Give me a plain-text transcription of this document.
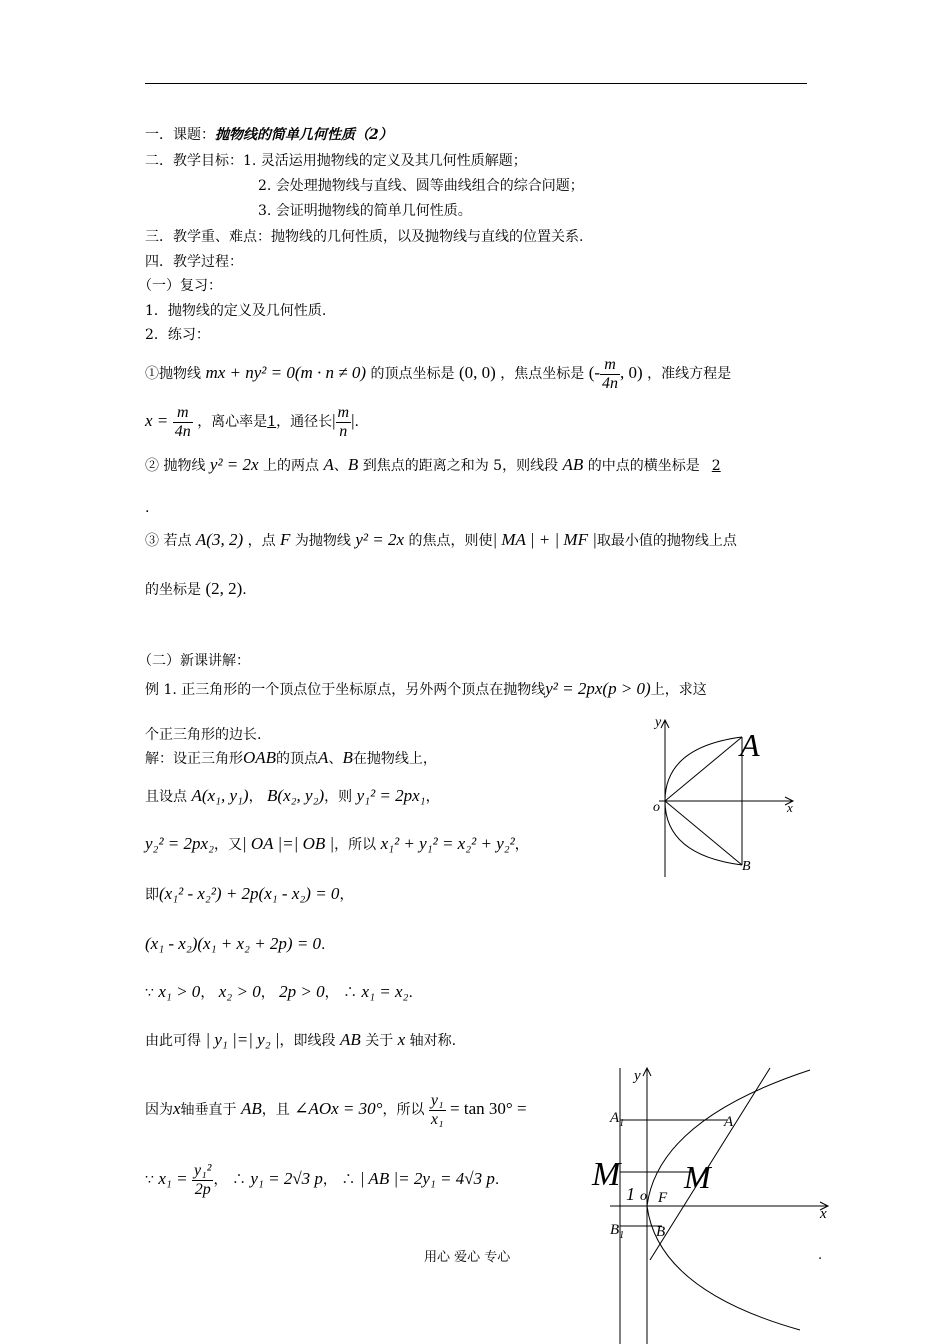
一．课题：抛物线的简单几何性质（2）
二．教学目标：1. 灵活运用抛物线的定义及其几何性质解题；
2. 会处理抛物线与直线、圆等曲线组合的综合问题；
3. 会证明抛物线的简单几何性质。
三．教学重、难点：抛物线的几何性质，以及抛物线与直线的位置关系.
四．教学过程：
（一）复习：
1．抛物线的定义及几何性质.
2．练习：
①抛物线 mx + ny² = 0(m · n ≠ 0) 的顶点坐标是 (0, 0) ，焦点坐标是 (- $\frac{m}{4n}$ , 0) ，准线方程是
$x = \frac{m}{4n}$ ，离心率是1，通径长| $\frac{m}{n}$ |.
② 抛物线 y² = 2x 上的两点 A、B 到焦点的距离之和为 5，则线段 AB 的中点的横坐标是 2
.
③ 若点 A(3, 2) ，点 F 为抛物线 y² = 2x 的焦点，则使| MA | + | MF |取最小值的抛物线上点
的坐标是 (2, 2).
（二）新课讲解：
例 1. 正三角形的一个顶点位于坐标原点，另外两个顶点在抛物线y² = 2px(p > 0)上，求这
个正三角形的边长.
解：设正三角形OAB的顶点A、B在抛物线上，
且设点 A(x₁, y₁)， B(x₂, y₂)，则 y₁² = 2px₁，
y₂² = 2px₂，又| OA |=| OB |，所以 x₁² + y₁² = x₂² + y₂²，
即(x₁² - x₂²) + 2p(x₁ - x₂) = 0，
(x₁ - x₂)(x₁ + x₂ + 2p) = 0.
∵ x₁ > 0， x₂ > 0， 2p > 0， ∴ x₁ = x₂.
由此可得 | y₁ |=| y₂ |，即线段 AB 关于 x 轴对称.
因为x轴垂直于 AB，且 ∠AOx = 30°，所以 $\frac{\text{y₁}}{\text{x₁}} = \tan 30^\circ$ =
∵ $x_1 = \frac{\text{y₁²}}{2p}$ ， ∴ y₁ = 2√3 p， ∴ | AB |= 2y₁ = 4√3 p.
y
A
o	x
B
y
$A_1$	A
M
1 o F
M
x
$B_1$ B
用心 爱心 专心	.
